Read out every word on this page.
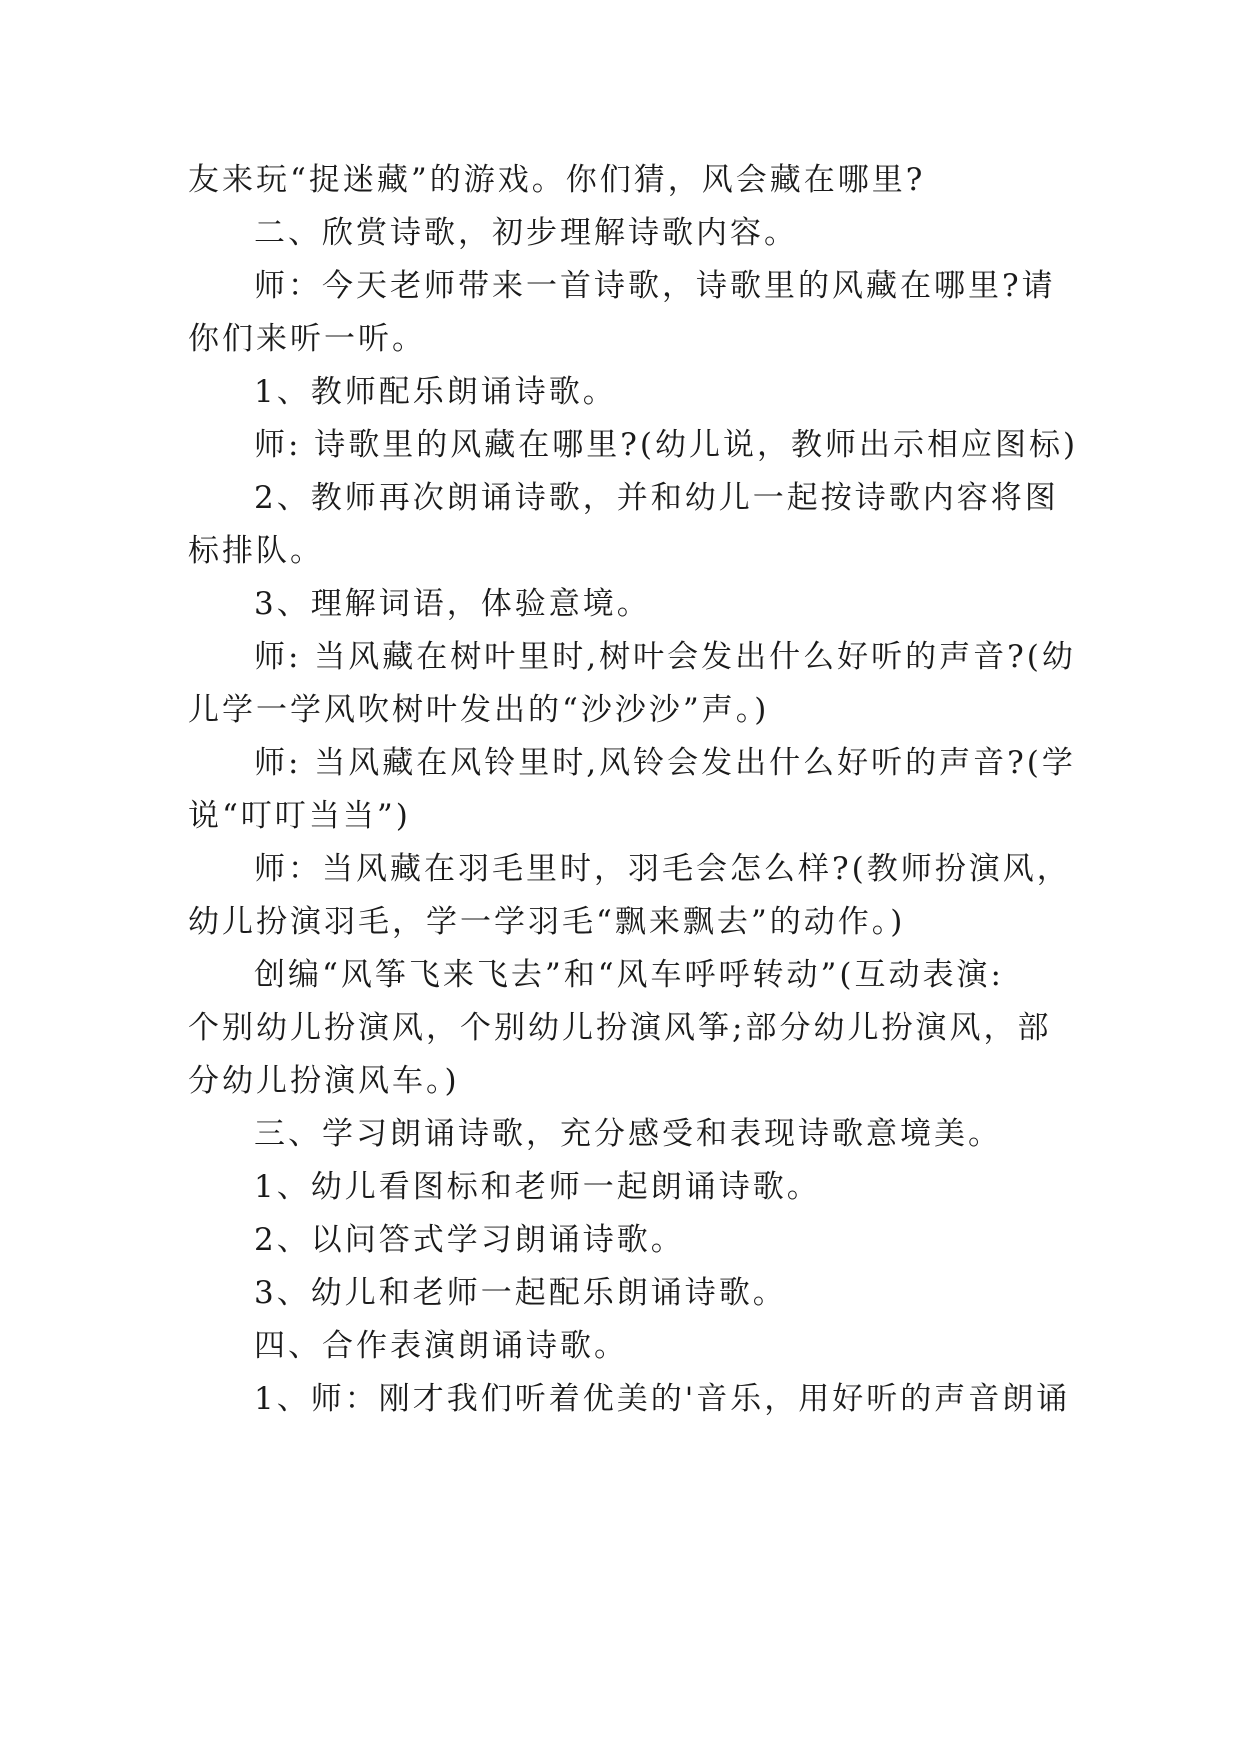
友来玩“捉迷藏”的游戏。你们猜，风会藏在哪里?
二、欣赏诗歌，初步理解诗歌内容。
师：今天老师带来一首诗歌，诗歌里的风藏在哪里?请
你们来听一听。
1、教师配乐朗诵诗歌。
师: 诗歌里的风藏在哪里?(幼儿说，教师出示相应图标)
2、教师再次朗诵诗歌，并和幼儿一起按诗歌内容将图
标排队。
3、理解词语，体验意境。
师: 当风藏在树叶里时,树叶会发出什么好听的声音?(幼
儿学一学风吹树叶发出的“沙沙沙”声。)
师: 当风藏在风铃里时,风铃会发出什么好听的声音?(学
说“叮叮当当”)
师：当风藏在羽毛里时，羽毛会怎么样?(教师扮演风，
幼儿扮演羽毛，学一学羽毛“飘来飘去”的动作。)
创编“风筝飞来飞去”和“风车呼呼转动”(互动表演:
个别幼儿扮演风，个别幼儿扮演风筝;部分幼儿扮演风，部
分幼儿扮演风车。)
三、学习朗诵诗歌，充分感受和表现诗歌意境美。
1、幼儿看图标和老师一起朗诵诗歌。
2、以问答式学习朗诵诗歌。
3、幼儿和老师一起配乐朗诵诗歌。
四、合作表演朗诵诗歌。
1、师：刚才我们听着优美的'音乐，用好听的声音朗诵
